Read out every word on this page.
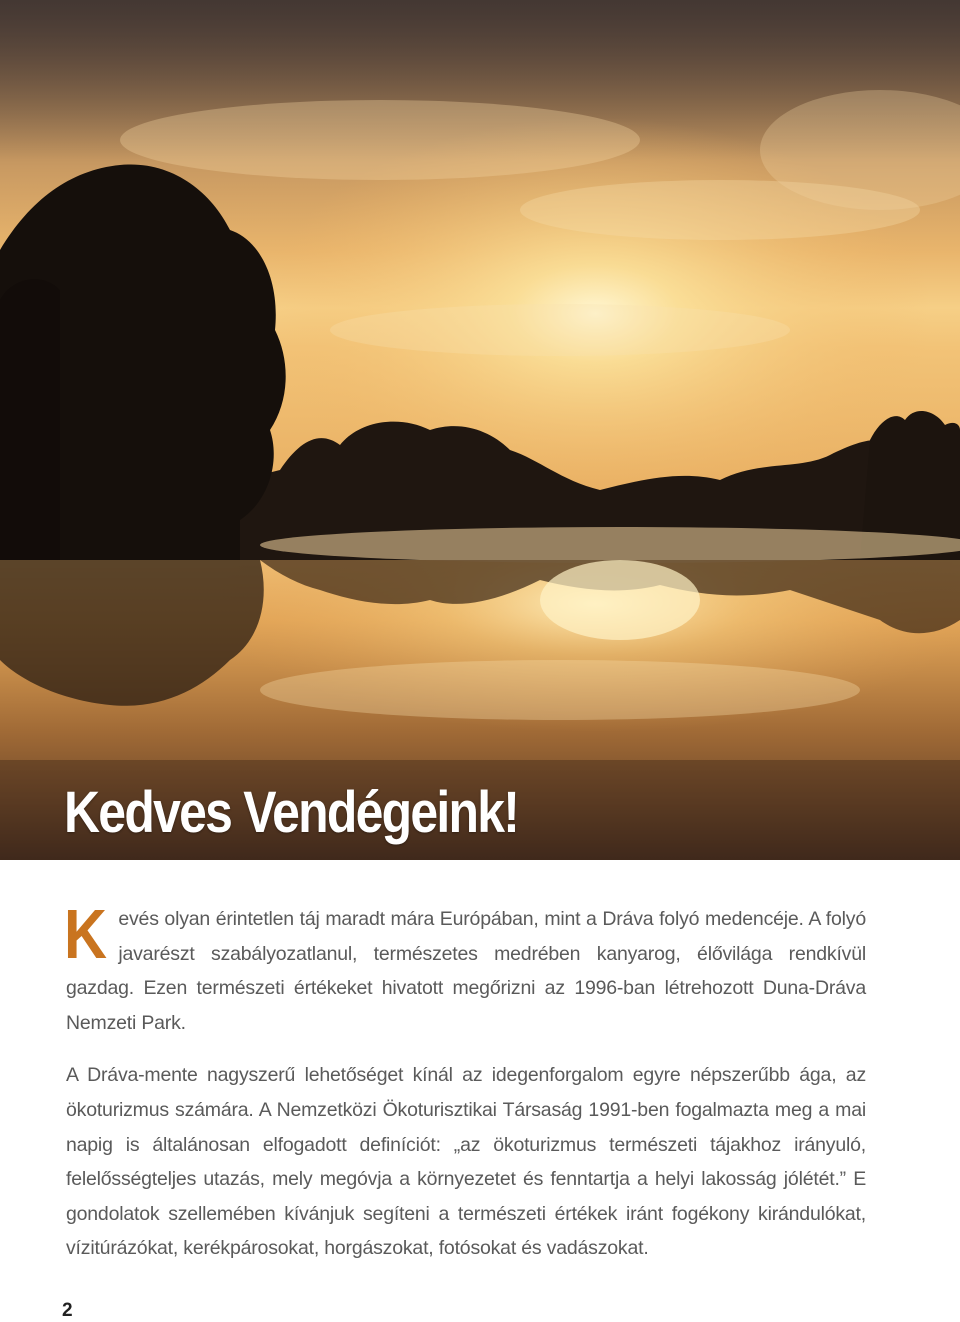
Kedves Vendégeink!

Kevés olyan érintetlen táj maradt mára Európában, mint a Dráva folyó medencéje. A folyó javarészt szabályozatlanul, természetes medrében kanyarog, élővilága rendkívül gazdag. Ezen természeti értékeket hivatott megőrizni az 1996-ban létrehozott Duna-Dráva Nemzeti Park.

A Dráva-mente nagyszerű lehetőséget kínál az idegenforgalom egyre népszerűbb ága, az ökoturizmus számára. A Nemzetközi Ökoturisztikai Társaság 1991-ben fogalmazta meg a mai napig is általánosan elfogadott definíciót: „az ökoturizmus természeti tájakhoz irányuló, felelősségteljes utazás, mely megóvja a környezetet és fenntartja a helyi lakosság jólétét.” E gondolatok szellemében kívánjuk segíteni a természeti értékek iránt fogékony kirándulókat, vízitúrázókat, kerékpárosokat, horgászokat, fotósokat és vadászokat.

2
